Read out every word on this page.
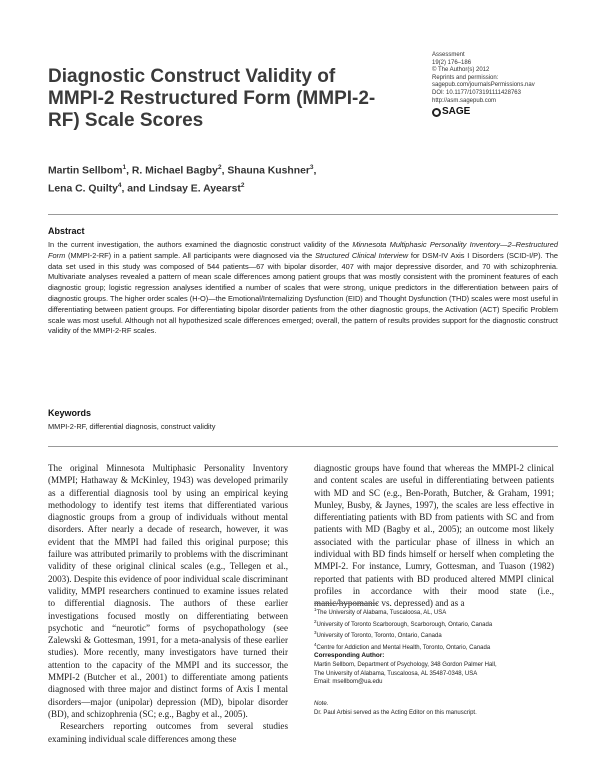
Diagnostic Construct Validity of MMPI-2 Restructured Form (MMPI-2-RF) Scale Scores
Assessment
19(2) 176–186
© The Author(s) 2012
Reprints and permission:
sagepub.com/journalsPermissions.nav
DOI: 10.1177/1073191111428763
http://asm.sagepub.com
SAGE
Martin Sellbom$^1$, R. Michael Bagby$^2$, Shauna Kushner$^3$,
Lena C. Quilty$^4$, and Lindsay E. Ayearst$^2$
Abstract
In the current investigation, the authors examined the diagnostic construct validity of the Minnesota Multiphasic Personality Inventory—2–Restructured Form (MMPI-2-RF) in a patient sample. All participants were diagnosed via the Structured Clinical Interview for DSM-IV Axis I Disorders (SCID-I/P). The data set used in this study was composed of 544 patients—67 with bipolar disorder, 407 with major depressive disorder, and 70 with schizophrenia. Multivariate analyses revealed a pattern of mean scale differences among patient groups that was mostly consistent with the prominent features of each diagnostic group; logistic regression analyses identified a number of scales that were strong, unique predictors in the differentiation between pairs of diagnostic groups. The higher order scales (H-O)—the Emotional/Internalizing Dysfunction (EID) and Thought Dysfunction (THD) scales were most useful in differentiating between patient groups. For differentiating bipolar disorder patients from the other diagnostic groups, the Activation (ACT) Specific Problem scale was most useful. Although not all hypothesized scale differences emerged; overall, the pattern of results provides support for the diagnostic construct validity of the MMPI-2-RF scales.
Keywords
MMPI-2-RF, differential diagnosis, construct validity

The original Minnesota Multiphasic Personality Inventory (MMPI; Hathaway & McKinley, 1943) was developed primarily as a differential diagnosis tool by using an empirical keying methodology to identify test items that differentiated various diagnostic groups from a group of individuals without mental disorders. After nearly a decade of research, however, it was evident that the MMPI had failed this original purpose; this failure was attributed primarily to problems with the discriminant validity of these original clinical scales (e.g., Tellegen et al., 2003). Despite this evidence of poor individual scale discriminant validity, MMPI researchers continued to examine issues related to differential diagnosis. The authors of these earlier investigations focused mostly on differentiating between psychotic and “neurotic” forms of psychopathology (see Zalewski & Gottesman, 1991, for a meta-analysis of these earlier studies). More recently, many investigators have turned their attention to the capacity of the MMPI and its successor, the MMPI-2 (Butcher et al., 2001) to differentiate among patients diagnosed with three major and distinct forms of Axis I mental disorders—major (unipolar) depression (MD), bipolar disorder (BD), and schizophrenia (SC; e.g., Bagby et al., 2005).

Researchers reporting outcomes from several studies examining individual scale differences among these

diagnostic groups have found that whereas the MMPI-2 clinical and content scales are useful in differentiating between patients with MD and SC (e.g., Ben-Porath, Butcher, & Graham, 1991; Munley, Busby, & Jaynes, 1997), the scales are less effective in differentiating patients with BD from patients with SC and from patients with MD (Bagby et al., 2005); an outcome most likely associated with the particular phase of illness in which an individual with BD finds himself or herself when completing the MMPI-2. For instance, Lumry, Gottesman, and Tuason (1982) reported that patients with BD produced altered MMPI clinical profiles in accordance with their mood state (i.e., manic/hypomanic vs. depressed) and as a

$^1$The University of Alabama, Tuscaloosa, AL, USA
$^2$University of Toronto Scarborough, Scarborough, Ontario, Canada
$^3$University of Toronto, Toronto, Ontario, Canada
$^4$Centre for Addiction and Mental Health, Toronto, Ontario, Canada
Corresponding Author:
Martin Sellbom, Department of Psychology, 348 Gordon Palmer Hall,
The University of Alabama, Tuscaloosa, AL 35487-0348, USA
Email: msellbom@ua.edu
Note.
Dr. Paul Arbisi served as the Acting Editor on this manuscript.
